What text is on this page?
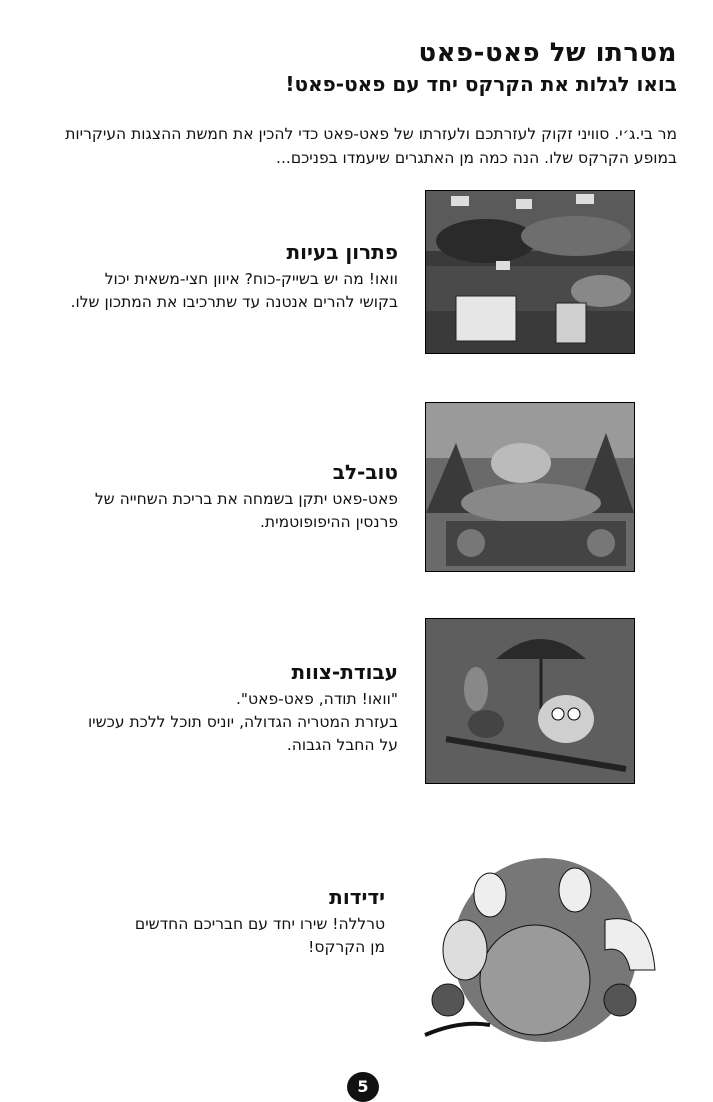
מטרתו של פאט-פאט
בואו לגלות את הקרקס יחד עם פאט-פאט!
מר בי.ג׳י. סוויני זקוק לעזרתכם ולעזרתו של פאט-פאט כדי להכין את חמשת ההצגות העיקריות
במופע הקרקס שלו. הנה כמה מן האתגרים שיעמדו בפניכם...
פתרון בעיות

וואו! מה יש בשייק-כוח? איוון חצי-משאית יכול

בקושי להרים אנטנה עד שתרכיבו את המתכון שלו.

טוב-לב

פאט-פאט יתקן בשמחה את בריכת השחייה של

פרנסין ההיפופוטמית.

עבודת-צוות

"וואו! תודה, פאט-פאט".

בעזרת המטריה הגדולה, יוניס תוכל ללכת עכשיו

על החבל הגבוה.

ידידות

טרללה! שירו יחד עם חבריכם החדשים מן הקרקס!

5
